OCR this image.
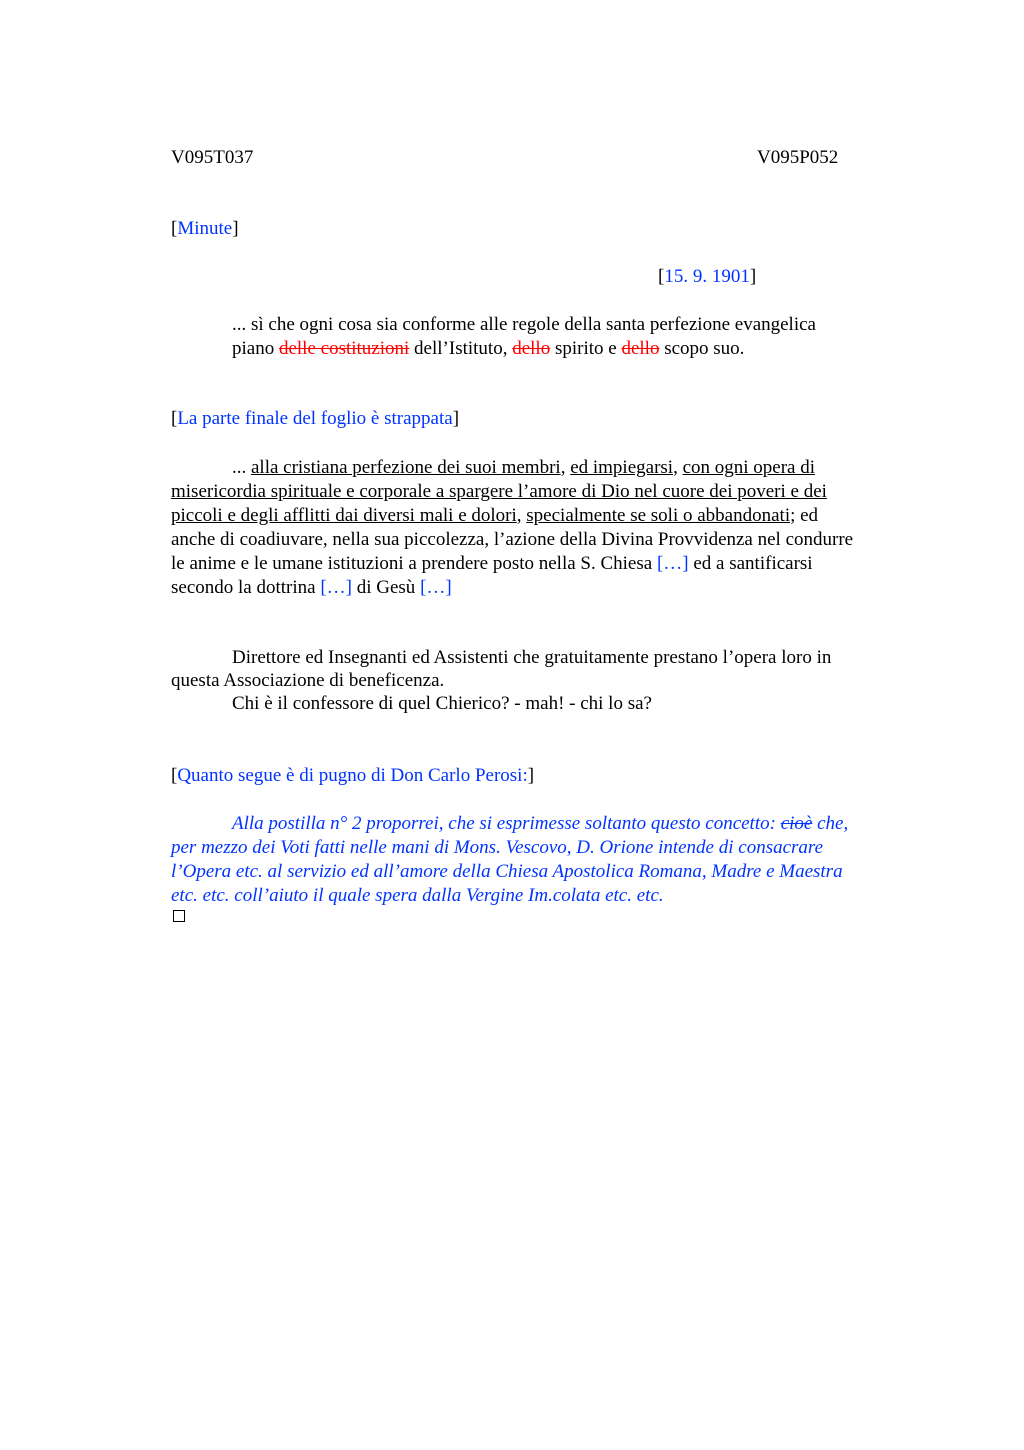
V095T037	V095P052
[Minute]
[15. 9. 1901]
... sì che ogni cosa sia conforme alle regole della santa perfezione evangelica
piano delle costituzioni dell’Istituto, dello spirito e dello scopo suo.
[La parte finale del foglio è strappata]
... alla cristiana perfezione dei suoi membri, ed impiegarsi, con ogni opera di
misericordia spirituale e corporale a spargere l’amore di Dio nel cuore dei poveri e dei
piccoli e degli afflitti dai diversi mali e dolori, specialmente se soli o abbandonati; ed
anche di coadiuvare, nella sua piccolezza, l’azione della Divina Provvidenza nel condurre
le anime e le umane istituzioni a prendere posto nella S. Chiesa […] ed a santificarsi
secondo la dottrina […] di Gesù […]
Direttore ed Insegnanti ed Assistenti che gratuitamente prestano l’opera loro in
questa Associazione di beneficenza.
Chi è il confessore di quel Chierico? - mah! - chi lo sa?
[Quanto segue è di pugno di Don Carlo Perosi:]
Alla postilla n° 2 proporrei, che si esprimesse soltanto questo concetto: cioè che,
per mezzo dei Voti fatti nelle mani di Mons. Vescovo, D. Orione intende di consacrare
l’Opera etc. al servizio ed all’amore della Chiesa Apostolica Romana, Madre e Maestra
etc. etc. coll’aiuto il quale spera dalla Vergine Im.colata etc. etc.
